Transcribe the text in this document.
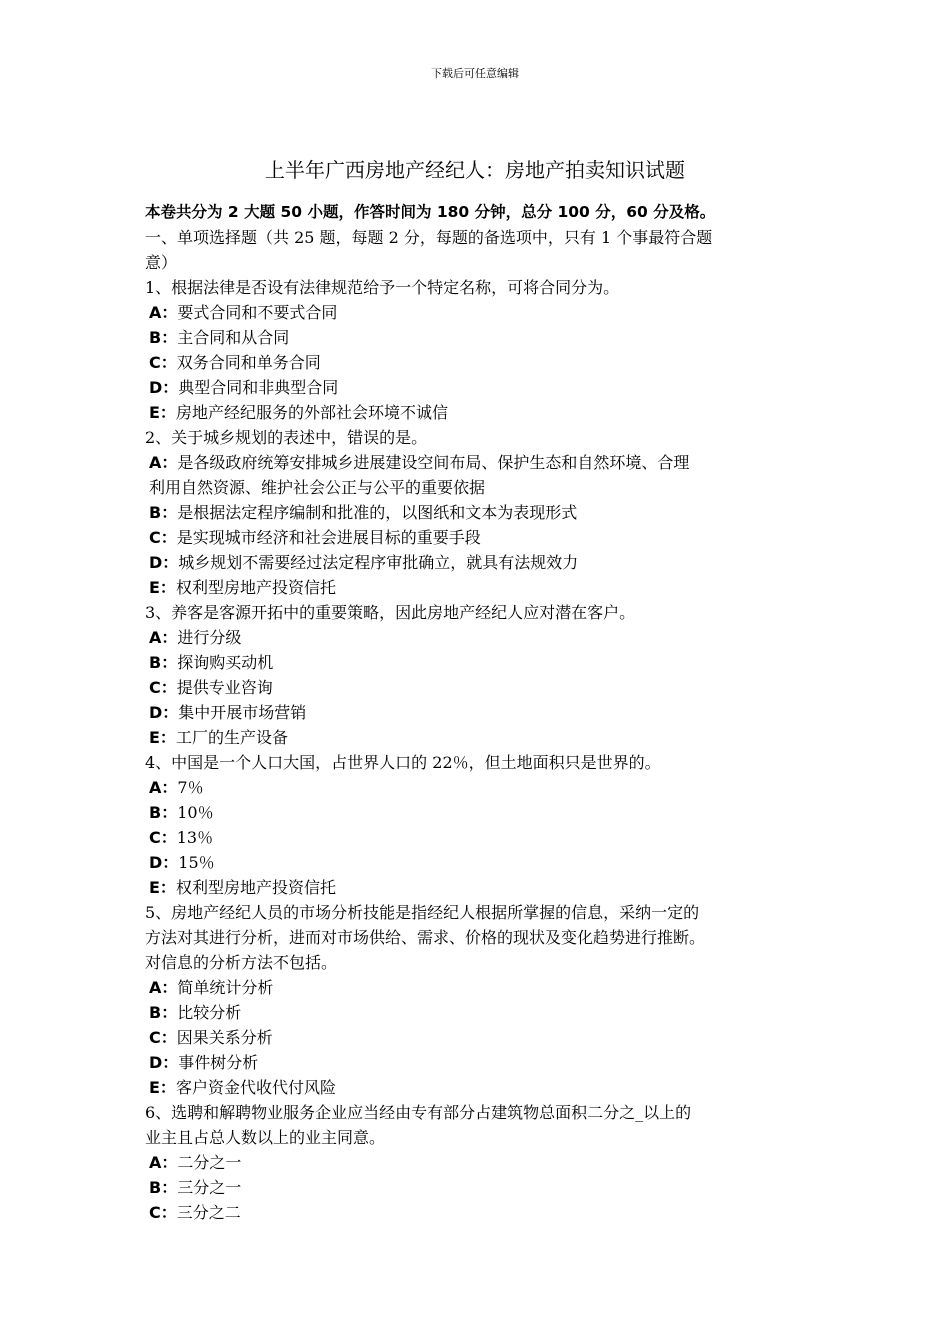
下载后可任意编辑
上半年广西房地产经纪人：房地产拍卖知识试题
本卷共分为 2 大题 50 小题，作答时间为 180 分钟，总分 100 分，60 分及格。
一、单项选择题（共 25 题，每题 2 分，每题的备选项中，只有 1 个事最符合题
意）
1、根据法律是否设有法律规范给予一个特定名称，可将合同分为。
A：要式合同和不要式合同
B：主合同和从合同
C：双务合同和单务合同
D：典型合同和非典型合同
E：房地产经纪服务的外部社会环境不诚信
2、关于城乡规划的表述中，错误的是。
A：是各级政府统筹安排城乡进展建设空间布局、保护生态和自然环境、合理
利用自然资源、维护社会公正与公平的重要依据
B：是根据法定程序编制和批准的，以图纸和文本为表现形式
C：是实现城市经济和社会进展目标的重要手段
D：城乡规划不需要经过法定程序审批确立，就具有法规效力
E：权利型房地产投资信托
3、养客是客源开拓中的重要策略，因此房地产经纪人应对潜在客户。
A：进行分级
B：探询购买动机
C：提供专业咨询
D：集中开展市场营销
E：工厂的生产设备
4、中国是一个人口大国，占世界人口的 22％，但土地面积只是世界的。
A：7％
B：10％
C：13％
D：15％
E：权利型房地产投资信托
5、房地产经纪人员的市场分析技能是指经纪人根据所掌握的信息，采纳一定的
方法对其进行分析，进而对市场供给、需求、价格的现状及变化趋势进行推断。
对信息的分析方法不包括。
A：简单统计分析
B：比较分析
C：因果关系分析
D：事件树分析
E：客户资金代收代付风险
6、选聘和解聘物业服务企业应当经由专有部分占建筑物总面积二分之_以上的
业主且占总人数以上的业主同意。
A：二分之一
B：三分之一
C：三分之二
